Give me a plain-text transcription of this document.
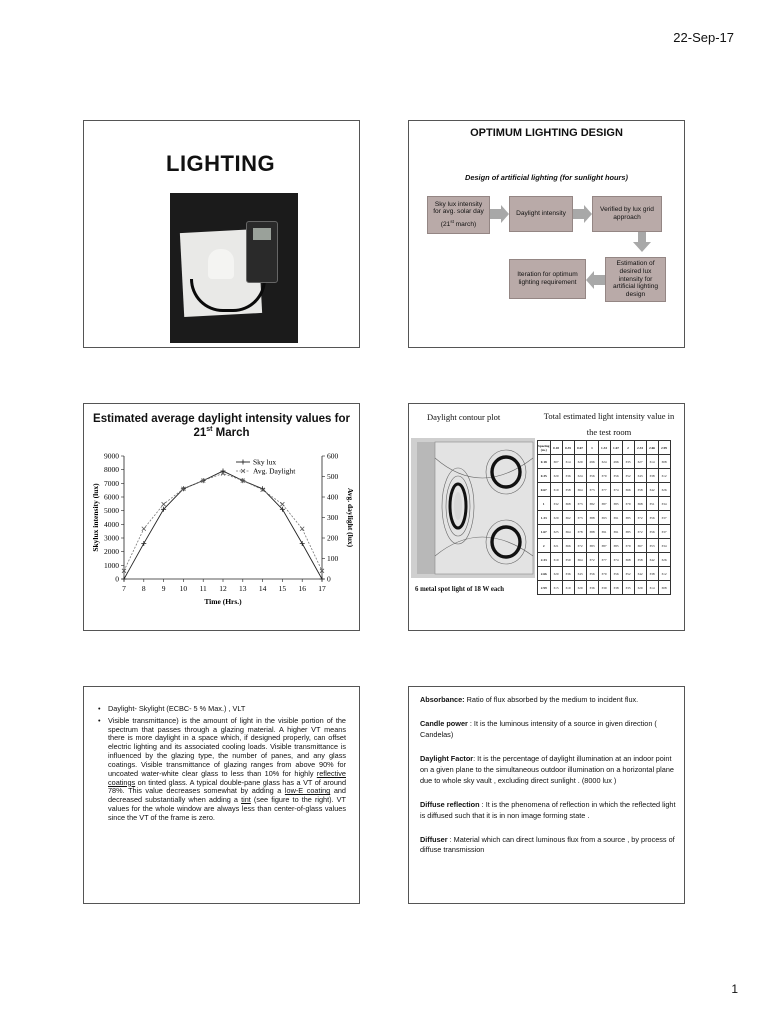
22-Sep-17
1
LIGHTING
OPTIMUM LIGHTING DESIGN
Design of artificial lighting (for sunlight hours)
Sky lux intensity
for avg. solar day
(21st march)
Daylight intensity
Verified by lux grid approach
Estimation of desired lux intensity for artificial lighting design
Iteration for optimum lighting requirement
Estimated average daylight intensity values for
21st March
7 8 9 10 11 12 13 14 15 16 17
0
1000
2000
3000
4000
5000
6000
7000
8000
9000
0
100
200
300
400
500
600
Time (Hrs.)
Skylux intensity (lux)	Avg. daylight (lux)
Sky lux
Avg. Daylight
Daylight contour plot	Total estimated light intensity value in
the test room
6 metal spot light of 18 W each
Spacing (m.)	0.18	0.35	0.67	1	1.33	1.67	2	2.33	2.66	2.99
0.18	307	314	329	296	324	296	335	327	314	308
0.35	320	336	324	356	370	356	352	343	338	312
0.67	319	358	364	373	377	374	366	358	342	326
1	332	368	373	382	387	385	379	368	351	334
1.33	329	362	373	388	393	391	385	372	356	337
1.67	325	364	378	388	391	391	385	372	356	337
2	321	366	372	383	387	385	379	367	353	334
2.33	319	359	364	372	377	374	368	358	342	326
2.66	320	336	343	356	370	356	352	342	338	312
2.99	315	319	329	336	339	338	335	329	314	308
• Daylight- Skylight (ECBC- 5 % Max.) , VLT
• Visible transmittance) is the amount of light in the visible portion of the spectrum that passes through a glazing material. A higher VT means there is more daylight in a space which, if designed properly, can offset electric lighting and its associated cooling loads. Visible transmittance is influenced by the glazing type, the number of panes, and any glass coatings. Visible transmittance of glazing ranges from above 90% for uncoated water-white clear glass to less than 10% for highly reflective coatings on tinted glass. A typical double-pane glass has a VT of around 78%. This value decreases somewhat by adding a low-E coating and decreased substantially when adding a tint (see figure to the right). VT values for the whole window are always less than center-of-glass values since the VT of the frame is zero.

Absorbance: Ratio of flux absorbed by the medium to incident flux.

Candle power : It is the luminous intensity of a source in given direction ( Candelas)

Daylight Factor: It is the percentage of daylight illumination at an indoor point on a given plane to the simultaneous outdoor illumination on a horizontal plane due to whole sky vault , excluding direct sunlight . (8000 lux )

Diffuse reflection : It is the phenomena of reflection in which the reflected light is diffused such that it is in non image forming state .

Diffuser : Material which can direct luminous flux from a source , by process of diffuse transmission
